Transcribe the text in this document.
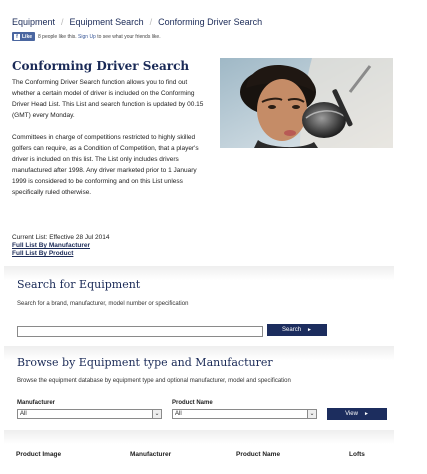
Equipment / Equipment Search / Conforming Driver Search
f Like 8 people like this.
Sign Up
to see what your friends like.
Conforming Driver Search

The Conforming Driver Search function allows you to find out whether a certain model of driver is included on the Conforming Driver Head List. This List and search function is updated by 00.15 (GMT) every Monday.

Committees in charge of competitions restricted to highly skilled golfers can require, as a Condition of Competition, that a player's driver is included on this list. The List only includes drivers manufactured after 1998. Any driver marketed prior to 1 January 1999 is considered to be conforming and on this List unless specifically ruled otherwise.

Current List: Effective 28 Jul 2014
Full List By Manufacturer
Full List By Product
Search for Equipment
Search for a brand, manufacturer, model number or specification
Search ►
Browse by Equipment type and Manufacturer
Browse the equipment database by equipment type and optional manufacturer, model and specification
Manufacturer
All	⌄
Product Name
All	⌄	View ►
Product Image	Manufacturer	Product Name	Lofts
